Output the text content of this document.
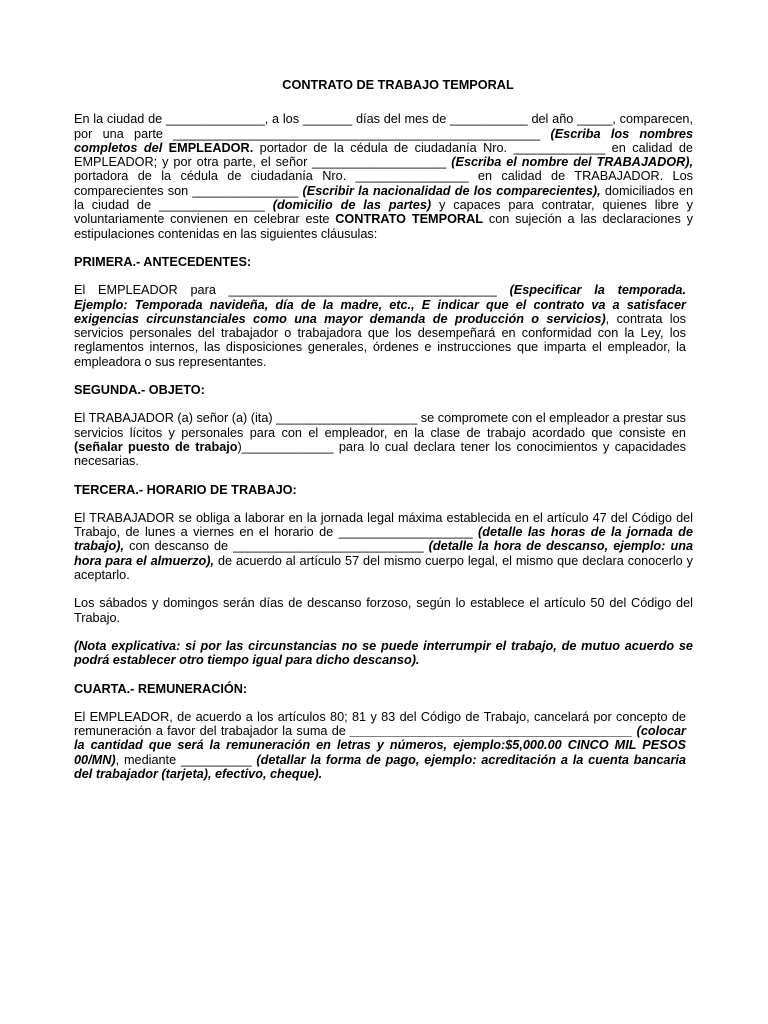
CONTRATO DE TRABAJO TEMPORAL

En la ciudad de ______________, a los _______ días del mes de ___________ del año _____, comparecen, por una parte ____________________________________________________ (Escriba los nombres completos del EMPLEADOR. portador de la cédula de ciudadanía Nro. _____________ en calidad de EMPLEADOR; y por otra parte, el señor ___________________ (Escriba el nombre del TRABAJADOR), portadora de la cédula de ciudadanía Nro. ________________ en calidad de TRABAJADOR. Los comparecientes son _______________ (Escribir la nacionalidad de los comparecientes), domiciliados en la ciudad de _______________ (domicilio de las partes) y capaces para contratar, quienes libre y voluntariamente convienen en celebrar este CONTRATO TEMPORAL con sujeción a las declaraciones y estipulaciones contenidas en las siguientes cláusulas:

PRIMERA.- ANTECEDENTES:

El EMPLEADOR para ______________________________________ (Especificar la temporada. Ejemplo: Temporada navideña, día de la madre, etc., E indicar que el contrato va a satisfacer exigencias circunstanciales como una mayor demanda de producción o servicios), contrata los servicios personales del trabajador o trabajadora que los desempeñará en conformidad con la Ley, los reglamentos internos, las disposiciones generales, órdenes e instrucciones que imparta el empleador, la empleadora o sus representantes.

SEGUNDA.- OBJETO:

El TRABAJADOR (a) señor (a) (ita) ____________________ se compromete con el empleador a prestar sus servicios lícitos y personales para con el empleador, en la clase de trabajo acordado que consiste en (señalar puesto de trabajo)_____________ para lo cual declara tener los conocimientos y capacidades necesarias.

TERCERA.- HORARIO DE TRABAJO:

El TRABAJADOR se obliga a laborar en la jornada legal máxima establecida en el artículo 47 del Código del Trabajo, de lunes a viernes en el horario de ___________________ (detalle las horas de la jornada de trabajo), con descanso de ___________________________ (detalle la hora de descanso, ejemplo: una hora para el almuerzo), de acuerdo al artículo 57 del mismo cuerpo legal, el mismo que declara conocerlo y aceptarlo.

Los sábados y domingos serán días de descanso forzoso, según lo establece el artículo 50 del Código del Trabajo.

(Nota explicativa: si por las circunstancias no se puede interrumpir el trabajo, de mutuo acuerdo se podrá establecer otro tiempo igual para dicho descanso).

CUARTA.- REMUNERACIÓN:

El EMPLEADOR, de acuerdo a los artículos 80; 81 y 83 del Código de Trabajo, cancelará por concepto de remuneración a favor del trabajador la suma de ________________________________________ (colocar la cantidad que será la remuneración en letras y números, ejemplo:$5,000.00 CINCO MIL PESOS 00/MN), mediante __________ (detallar la forma de pago, ejemplo: acreditación a la cuenta bancaria del trabajador (tarjeta), efectivo, cheque).
